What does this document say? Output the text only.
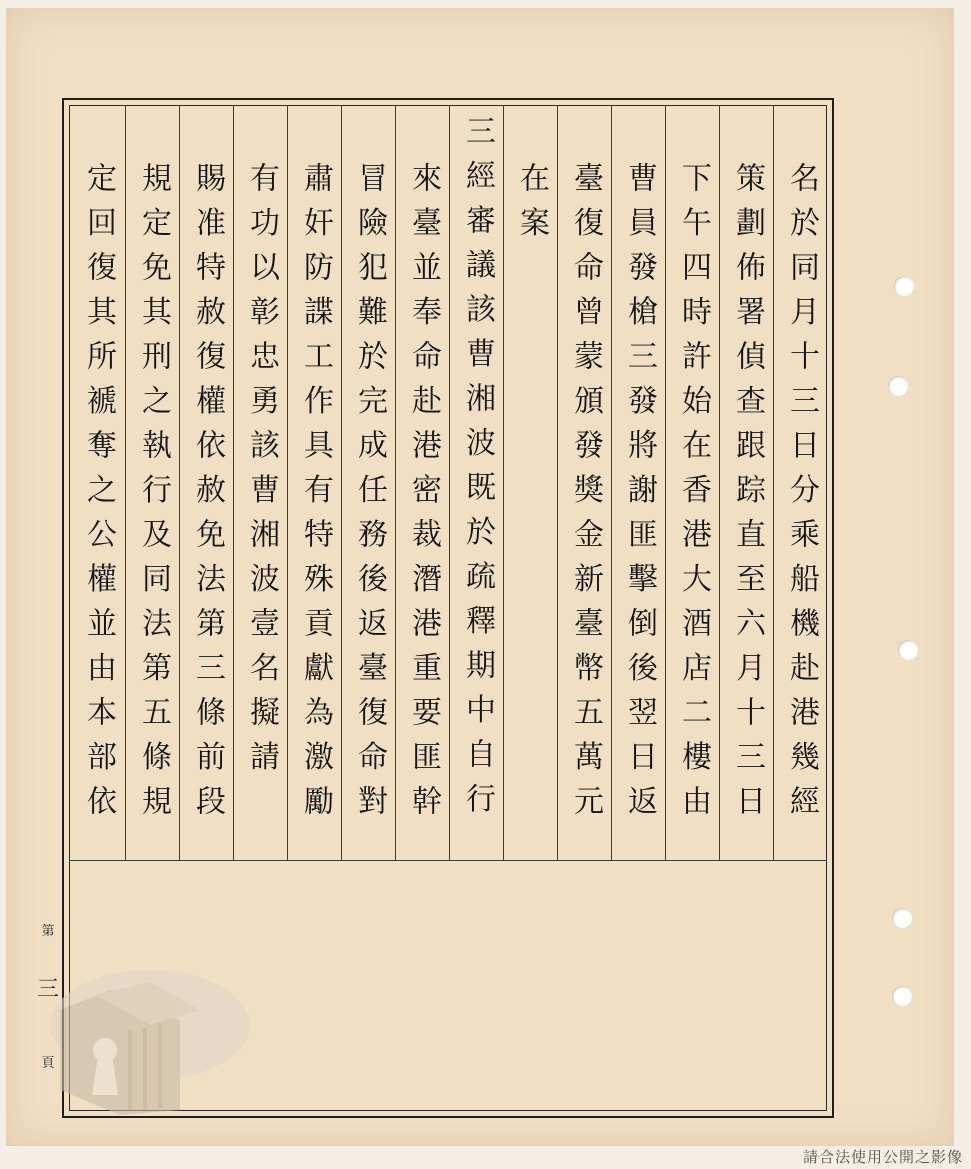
名於同月十三日分乘船機赴港幾經
策劃佈署偵查跟踪直至六月十三日
下午四時許始在香港大酒店二樓由
曹員發槍三發將謝匪擊倒後翌日返
臺復命曾蒙頒發獎金新臺幣五萬元
在案
三經審議該曹湘波既於疏釋期中自行
來臺並奉命赴港密裁潛港重要匪幹
冒險犯難於完成任務後返臺復命對
肅奸防諜工作具有特殊貢獻為激勵
有功以彰忠勇該曹湘波壹名擬請
賜准特赦復權依赦免法第三條前段
規定免其刑之執行及同法第五條規
定回復其所褫奪之公權並由本部依
第
三
頁
請合法使用公開之影像
